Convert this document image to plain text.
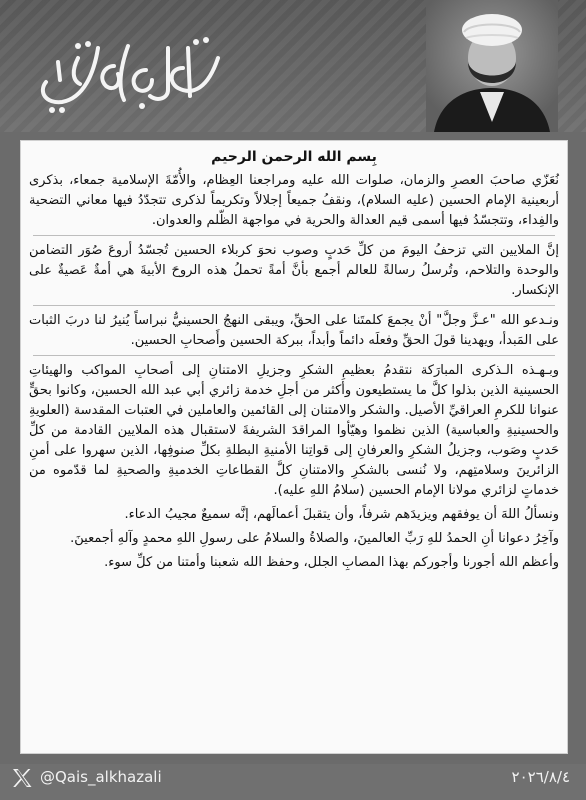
بِسم الله الرحمن الرحيم

نُعَزّي صاحبَ العصرِ والزمان، صلوات الله عليه ومراجعنا العِظام، والأُمّةَ الإسلامية جمعاء، بذكرى أربعينية الإمام الحسين (عليه السلام)، ونقفُ جميعاً إجلالاً وتكريماً لذكرى تتجدّدُ فيها معاني التضحية والفِداء، وتتجسّدُ فيها أسمى قيم العدالة والحرية في مواجهة الظّلم والعدوان.

إنَّ الملايين التي تزحفُ اليومَ من كلِّ حَدبٍ وصوب نحوَ كربلاء الحسين تُجسّدُ أروعَ صُوَر التضامن والوحدة والتلاحم، وتُرسلُ رسالةً للعالم أجمع بأنَّ أمةً تحملُ هذه الروحَ الأبيةَ هي أمةٌ عَصيةٌ على الإنكسار.

ونـدعو الله "عـزَّ وجلَّ" أنْ يجمعَ كلمتَنا على الحقِّ، ويبقى النهجُ الحسينيُّ نبراساً يُنيرُ لنا دربَ الثبات على المَبدأ، ويهدينا قولَ الحقِّ وفعلَه دائماً وأبداً، ببركة الحسين وأَصحابِ الحسين.

وبـهـذه الـذكرى المبارَكة نتقدمُ بعظيمِ الشكرِ وجزيلِ الامتنانِ إلى أصحابِ المواكب والهيئاتِ الحسينية الذين بذلوا كلَّ ما يستطيعون وأكثر من أجلِ خدمة زائري أبي عبد الله الحسين، وكانوا بحقٍّ عنوانا للكرمِ العراقيِّ الأصيل. والشكر والامتنان إلى القائمين والعاملين في العتبات المقدسة (العلويةِ والحسينيةِ والعباسية) الذين نظموا وهيّأوا المراقدَ الشريفةَ لاستقبال هذه الملايين القادمة من كلِّ حَدبٍ وصَوب، وجزيلُ الشكرِ والعرفانِ إلى قواتِنا الأمنيةِ البطلةِ بكلِّ صنوفِها، الذين سهروا على أمنِ الزائرينَ وسلامتِهم، ولا نُنسى بالشكرِ والامتنانِ كلَّ القطاعاتِ الخدميةِ والصحيةِ لما قدّموه من خدماتٍ لزائري مولانا الإمام الحسين (سلامُ اللهِ عليه).

ونسألُ اللهَ أن يوفقهم ويزيدَهم شرفاً، وأن يتقبلَ أعمالَهم، إنَّه سميعٌ مجيبُ الدعاء.

وآخِرُ دعوانا أنِ الحمدُ للهِ رَبِّ العالمينَ، والصلاةُ والسلامُ على رسولِ اللهِ محمدٍ وآلهِ أجمعينَ.

وأعظم الله أجورنا وأجوركم بهذا المصابِ الجلل، وحفظ الله شعبنا وأمتنا من كلِّ سوء.

@Qais_alkhazali	٢٠٢٦/٨/٤
